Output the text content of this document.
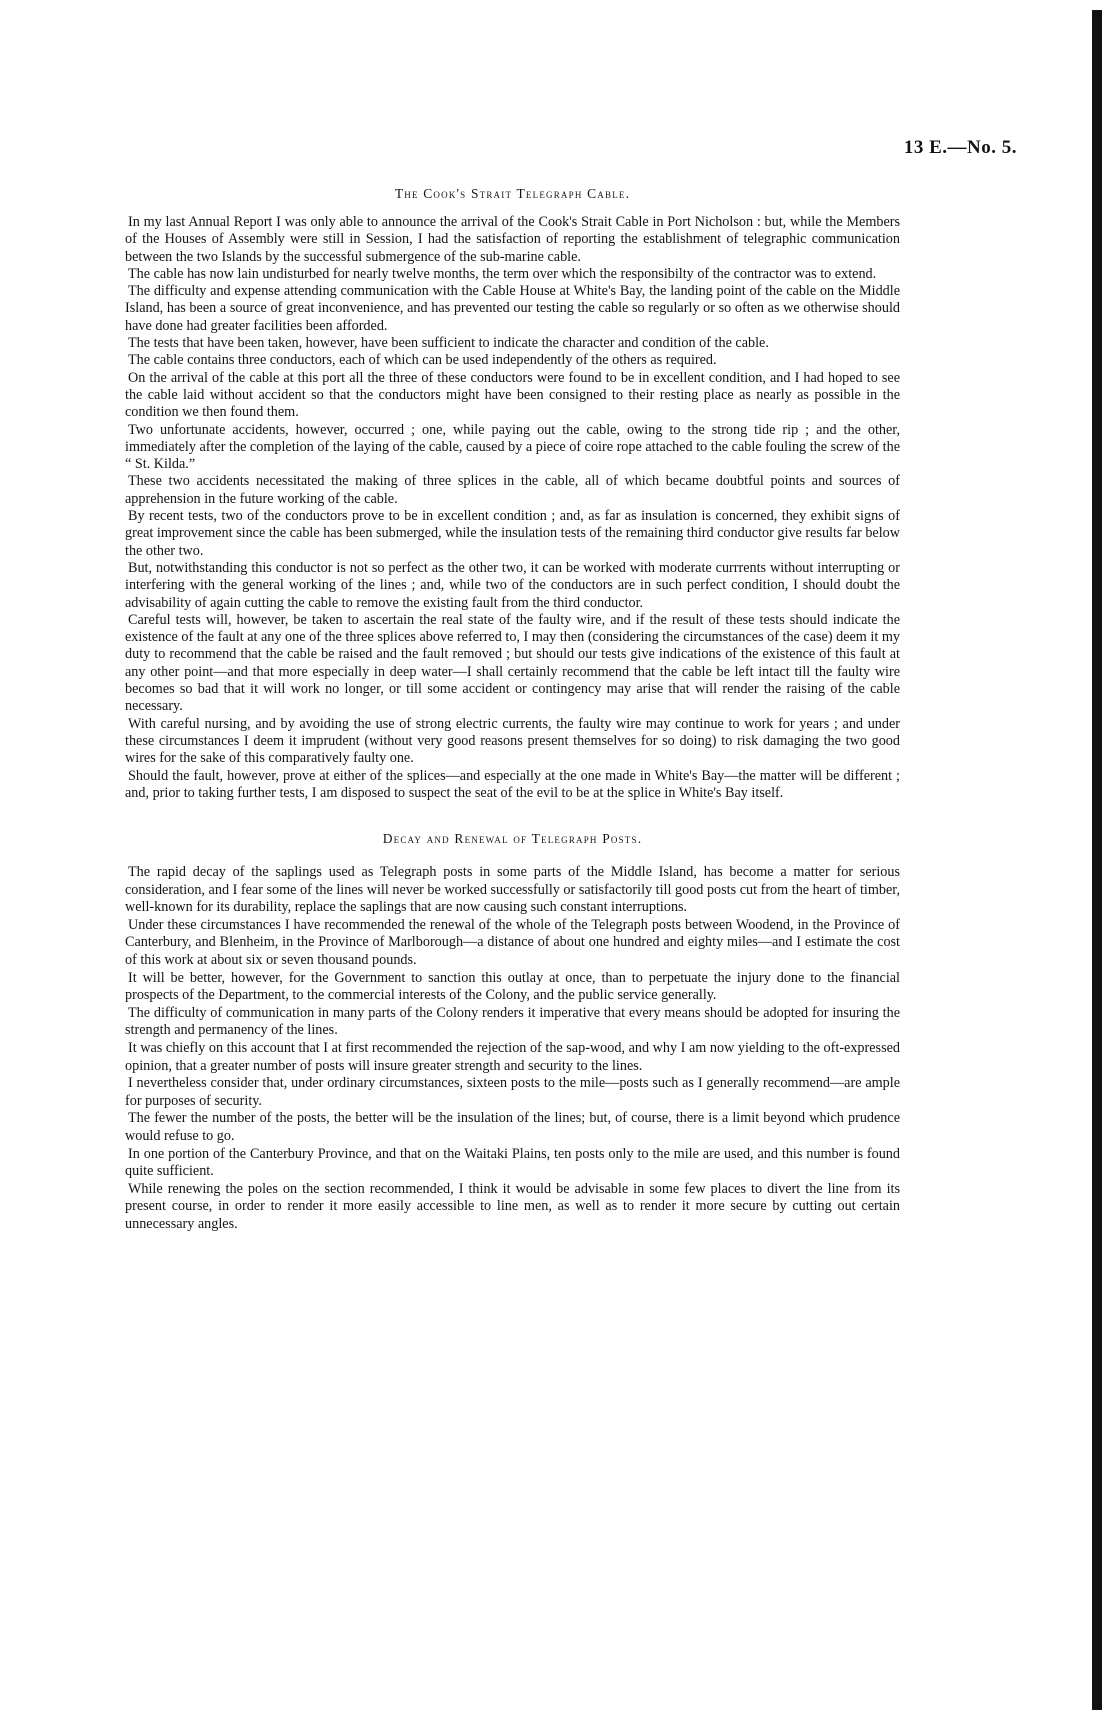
13 E.—No. 5.
The Cook's Strait Telegraph Cable.

In my last Annual Report I was only able to announce the arrival of the Cook's Strait Cable in Port Nicholson : but, while the Members of the Houses of Assembly were still in Session, I had the satisfaction of reporting the establishment of telegraphic communication between the two Islands by the successful submergence of the sub-marine cable.

The cable has now lain undisturbed for nearly twelve months, the term over which the responsibilty of the contractor was to extend.

The difficulty and expense attending communication with the Cable House at White's Bay, the landing point of the cable on the Middle Island, has been a source of great inconvenience, and has prevented our testing the cable so regularly or so often as we otherwise should have done had greater facilities been afforded.

The tests that have been taken, however, have been sufficient to indicate the character and condition of the cable.

The cable contains three conductors, each of which can be used independently of the others as required.

On the arrival of the cable at this port all the three of these conductors were found to be in excellent condition, and I had hoped to see the cable laid without accident so that the conductors might have been consigned to their resting place as nearly as possible in the condition we then found them.

Two unfortunate accidents, however, occurred ; one, while paying out the cable, owing to the strong tide rip ; and the other, immediately after the completion of the laying of the cable, caused by a piece of coire rope attached to the cable fouling the screw of the “ St. Kilda.”

These two accidents necessitated the making of three splices in the cable, all of which became doubtful points and sources of apprehension in the future working of the cable.

By recent tests, two of the conductors prove to be in excellent condition ; and, as far as insulation is concerned, they exhibit signs of great improvement since the cable has been submerged, while the insulation tests of the remaining third conductor give results far below the other two.

But, notwithstanding this conductor is not so perfect as the other two, it can be worked with moderate currrents without interrupting or interfering with the general working of the lines ; and, while two of the conductors are in such perfect condition, I should doubt the advisability of again cutting the cable to remove the existing fault from the third conductor.

Careful tests will, however, be taken to ascertain the real state of the faulty wire, and if the result of these tests should indicate the existence of the fault at any one of the three splices above referred to, I may then (considering the circumstances of the case) deem it my duty to recommend that the cable be raised and the fault removed ; but should our tests give indications of the existence of this fault at any other point—and that more especially in deep water—I shall certainly recommend that the cable be left intact till the faulty wire becomes so bad that it will work no longer, or till some accident or contingency may arise that will render the raising of the cable necessary.

With careful nursing, and by avoiding the use of strong electric currents, the faulty wire may continue to work for years ; and under these circumstances I deem it imprudent (without very good reasons present themselves for so doing) to risk damaging the two good wires for the sake of this comparatively faulty one.

Should the fault, however, prove at either of the splices—and especially at the one made in White's Bay—the matter will be different ; and, prior to taking further tests, I am disposed to suspect the seat of the evil to be at the splice in White's Bay itself.

Decay and Renewal of Telegraph Posts.

The rapid decay of the saplings used as Telegraph posts in some parts of the Middle Island, has become a matter for serious consideration, and I fear some of the lines will never be worked successfully or satisfactorily till good posts cut from the heart of timber, well-known for its durability, replace the saplings that are now causing such constant interruptions.

Under these circumstances I have recommended the renewal of the whole of the Telegraph posts between Woodend, in the Province of Canterbury, and Blenheim, in the Province of Marlborough—a distance of about one hundred and eighty miles—and I estimate the cost of this work at about six or seven thousand pounds.

It will be better, however, for the Government to sanction this outlay at once, than to perpetuate the injury done to the financial prospects of the Department, to the commercial interests of the Colony, and the public service generally.

The difficulty of communication in many parts of the Colony renders it imperative that every means should be adopted for insuring the strength and permanency of the lines.

It was chiefly on this account that I at first recommended the rejection of the sap-wood, and why I am now yielding to the oft-expressed opinion, that a greater number of posts will insure greater strength and security to the lines.

I nevertheless consider that, under ordinary circumstances, sixteen posts to the mile—posts such as I generally recommend—are ample for purposes of security.

The fewer the number of the posts, the better will be the insulation of the lines; but, of course, there is a limit beyond which prudence would refuse to go.

In one portion of the Canterbury Province, and that on the Waitaki Plains, ten posts only to the mile are used, and this number is found quite sufficient.

While renewing the poles on the section recommended, I think it would be advisable in some few places to divert the line from its present course, in order to render it more easily accessible to line men, as well as to render it more secure by cutting out certain unnecessary angles.
